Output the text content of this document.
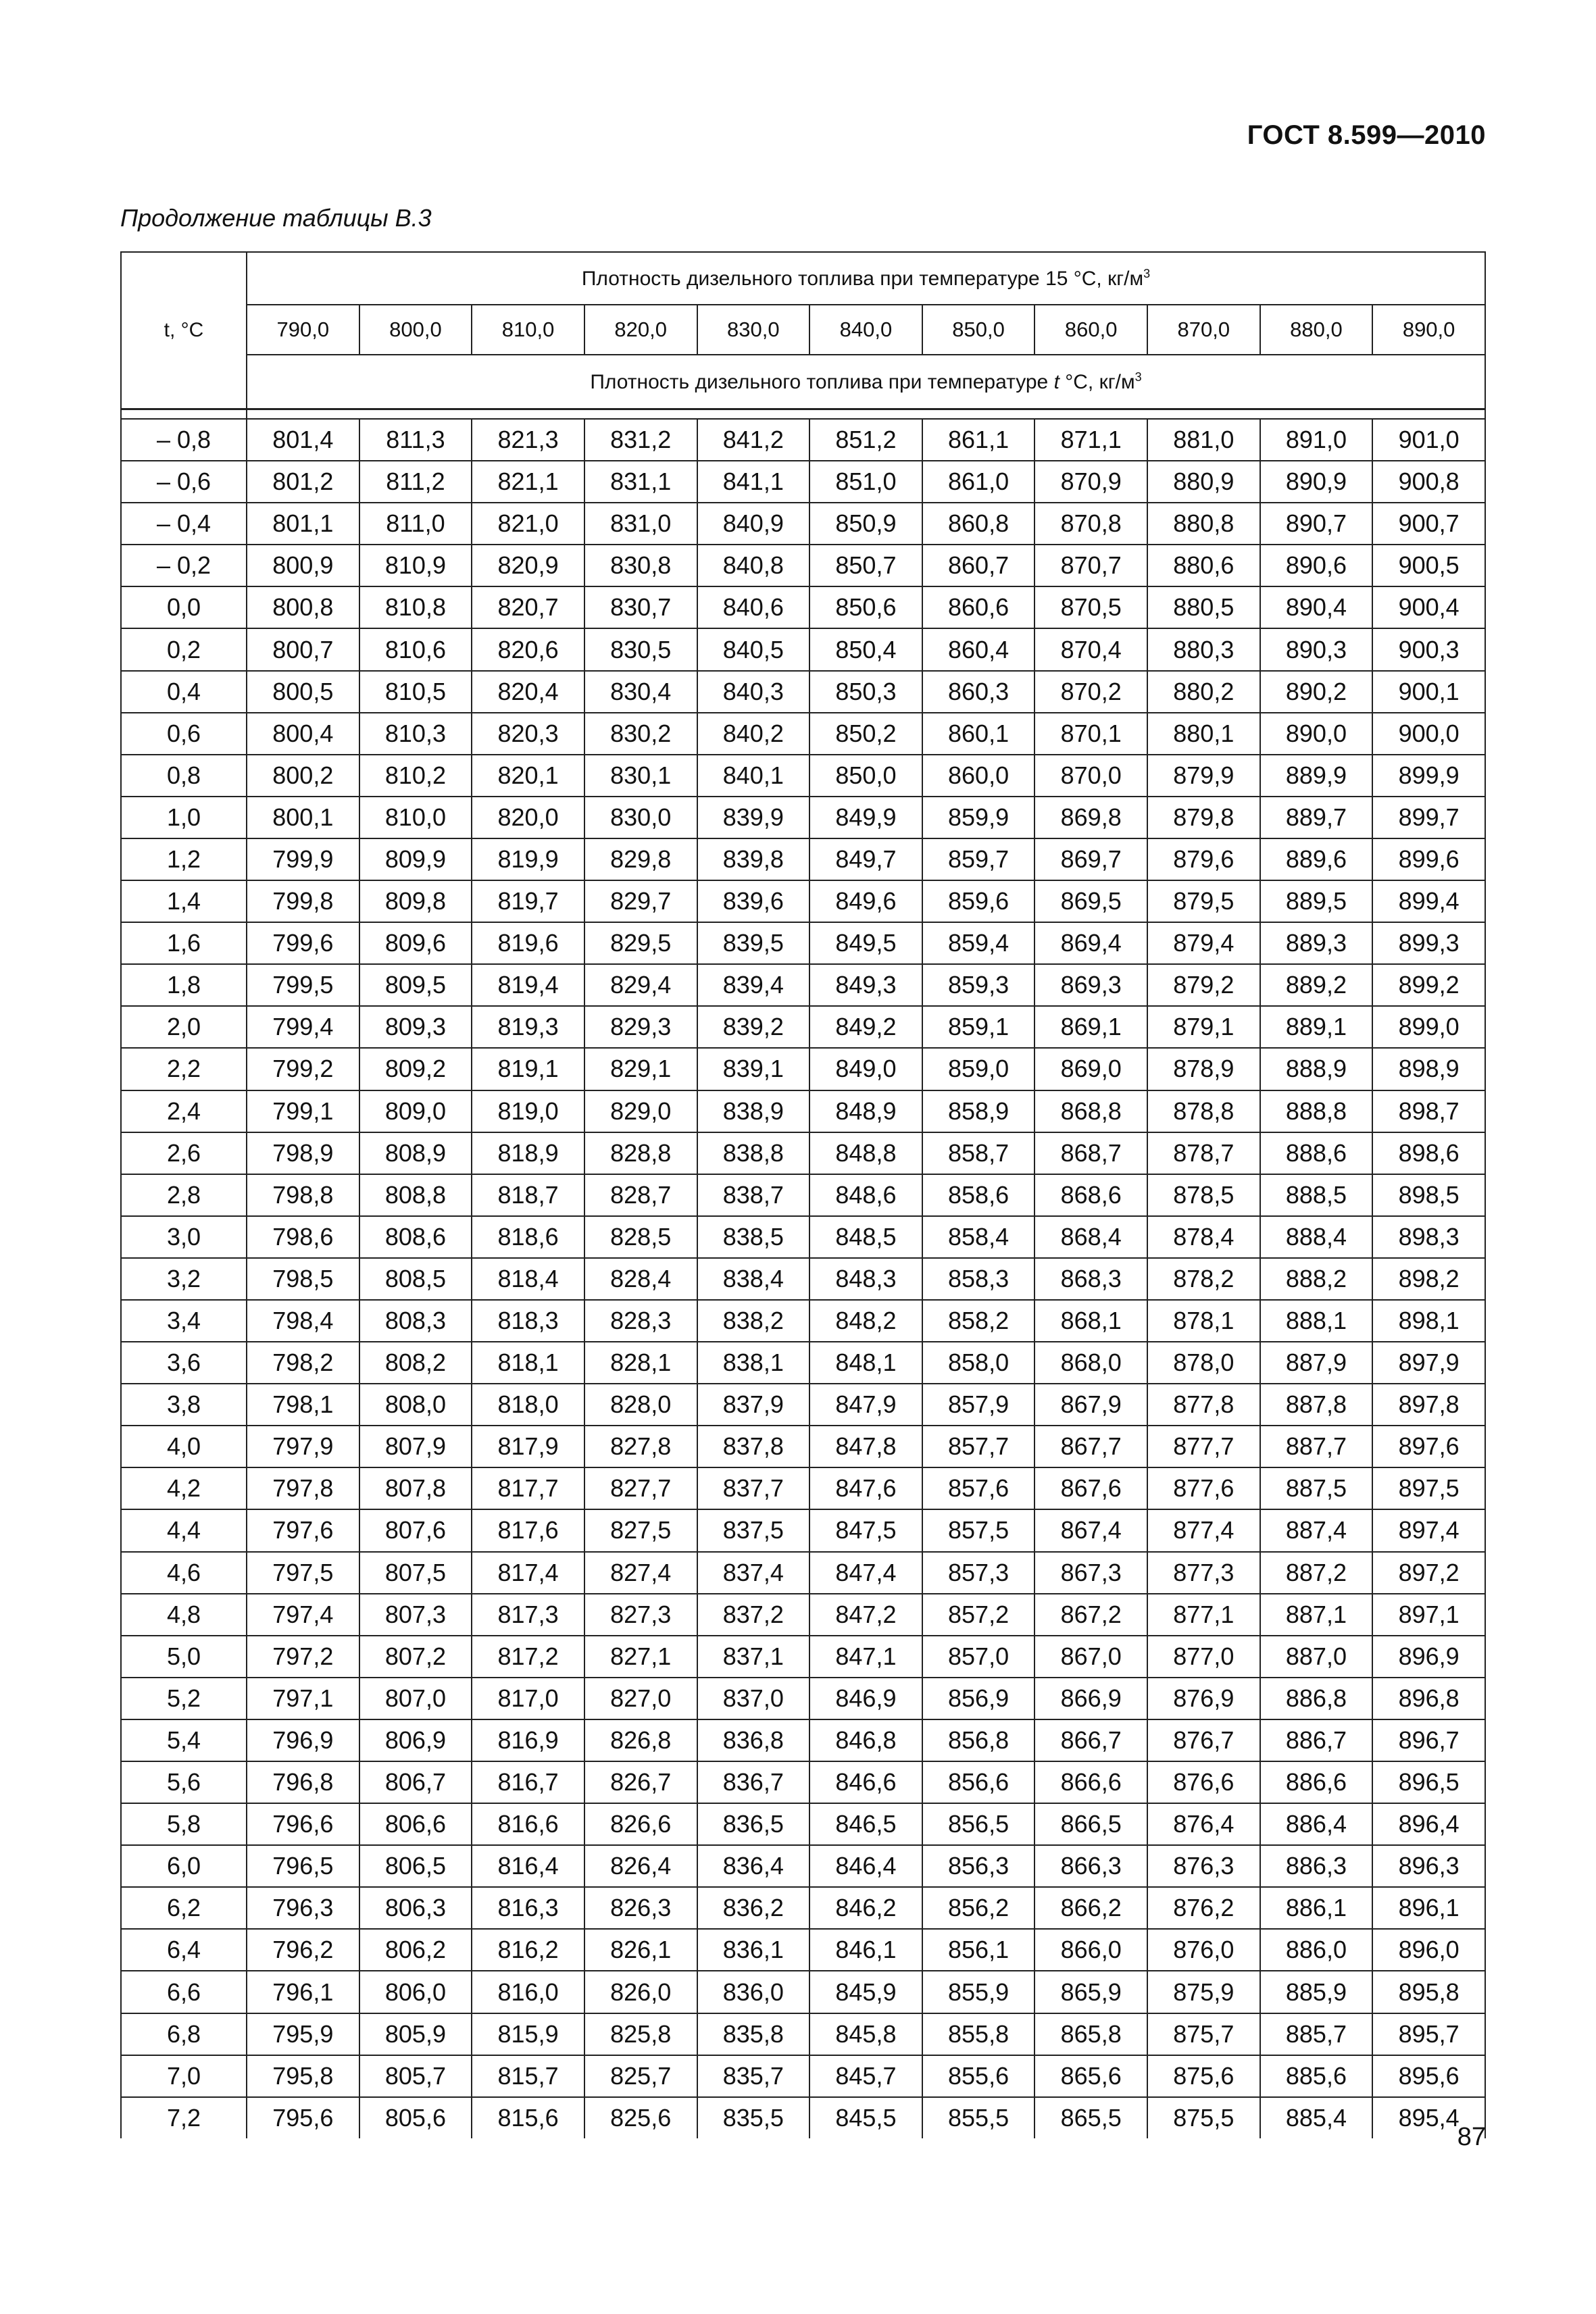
ГОСТ 8.599—2010
Продолжение таблицы В.3
t, °C	Плотность дизельного топлива при температуре 15 °С, $кг/м^3$
	790,0	800,0	810,0	820,0	830,0	840,0	850,0	860,0	870,0	880,0	890,0
	Плотность дизельного топлива при температуре t °С, $кг/м^3$

– 0,8	801,4	811,3	821,3	831,2	841,2	851,2	861,1	871,1	881,0	891,0	901,0
– 0,6	801,2	811,2	821,1	831,1	841,1	851,0	861,0	870,9	880,9	890,9	900,8
– 0,4	801,1	811,0	821,0	831,0	840,9	850,9	860,8	870,8	880,8	890,7	900,7
– 0,2	800,9	810,9	820,9	830,8	840,8	850,7	860,7	870,7	880,6	890,6	900,5
0,0	800,8	810,8	820,7	830,7	840,6	850,6	860,6	870,5	880,5	890,4	900,4
0,2	800,7	810,6	820,6	830,5	840,5	850,4	860,4	870,4	880,3	890,3	900,3
0,4	800,5	810,5	820,4	830,4	840,3	850,3	860,3	870,2	880,2	890,2	900,1
0,6	800,4	810,3	820,3	830,2	840,2	850,2	860,1	870,1	880,1	890,0	900,0
0,8	800,2	810,2	820,1	830,1	840,1	850,0	860,0	870,0	879,9	889,9	899,9
1,0	800,1	810,0	820,0	830,0	839,9	849,9	859,9	869,8	879,8	889,7	899,7
1,2	799,9	809,9	819,9	829,8	839,8	849,7	859,7	869,7	879,6	889,6	899,6
1,4	799,8	809,8	819,7	829,7	839,6	849,6	859,6	869,5	879,5	889,5	899,4
1,6	799,6	809,6	819,6	829,5	839,5	849,5	859,4	869,4	879,4	889,3	899,3
1,8	799,5	809,5	819,4	829,4	839,4	849,3	859,3	869,3	879,2	889,2	899,2
2,0	799,4	809,3	819,3	829,3	839,2	849,2	859,1	869,1	879,1	889,1	899,0
2,2	799,2	809,2	819,1	829,1	839,1	849,0	859,0	869,0	878,9	888,9	898,9
2,4	799,1	809,0	819,0	829,0	838,9	848,9	858,9	868,8	878,8	888,8	898,7
2,6	798,9	808,9	818,9	828,8	838,8	848,8	858,7	868,7	878,7	888,6	898,6
2,8	798,8	808,8	818,7	828,7	838,7	848,6	858,6	868,6	878,5	888,5	898,5
3,0	798,6	808,6	818,6	828,5	838,5	848,5	858,4	868,4	878,4	888,4	898,3
3,2	798,5	808,5	818,4	828,4	838,4	848,3	858,3	868,3	878,2	888,2	898,2
3,4	798,4	808,3	818,3	828,3	838,2	848,2	858,2	868,1	878,1	888,1	898,1
3,6	798,2	808,2	818,1	828,1	838,1	848,1	858,0	868,0	878,0	887,9	897,9
3,8	798,1	808,0	818,0	828,0	837,9	847,9	857,9	867,9	877,8	887,8	897,8
4,0	797,9	807,9	817,9	827,8	837,8	847,8	857,7	867,7	877,7	887,7	897,6
4,2	797,8	807,8	817,7	827,7	837,7	847,6	857,6	867,6	877,6	887,5	897,5
4,4	797,6	807,6	817,6	827,5	837,5	847,5	857,5	867,4	877,4	887,4	897,4
4,6	797,5	807,5	817,4	827,4	837,4	847,4	857,3	867,3	877,3	887,2	897,2
4,8	797,4	807,3	817,3	827,3	837,2	847,2	857,2	867,2	877,1	887,1	897,1
5,0	797,2	807,2	817,2	827,1	837,1	847,1	857,0	867,0	877,0	887,0	896,9
5,2	797,1	807,0	817,0	827,0	837,0	846,9	856,9	866,9	876,9	886,8	896,8
5,4	796,9	806,9	816,9	826,8	836,8	846,8	856,8	866,7	876,7	886,7	896,7
5,6	796,8	806,7	816,7	826,7	836,7	846,6	856,6	866,6	876,6	886,6	896,5
5,8	796,6	806,6	816,6	826,6	836,5	846,5	856,5	866,5	876,4	886,4	896,4
6,0	796,5	806,5	816,4	826,4	836,4	846,4	856,3	866,3	876,3	886,3	896,3
6,2	796,3	806,3	816,3	826,3	836,2	846,2	856,2	866,2	876,2	886,1	896,1
6,4	796,2	806,2	816,2	826,1	836,1	846,1	856,1	866,0	876,0	886,0	896,0
6,6	796,1	806,0	816,0	826,0	836,0	845,9	855,9	865,9	875,9	885,9	895,8
6,8	795,9	805,9	815,9	825,8	835,8	845,8	855,8	865,8	875,7	885,7	895,7
7,0	795,8	805,7	815,7	825,7	835,7	845,7	855,6	865,6	875,6	885,6	895,6
7,2	795,6	805,6	815,6	825,6	835,5	845,5	855,5	865,5	875,5	885,4	895,4
87
